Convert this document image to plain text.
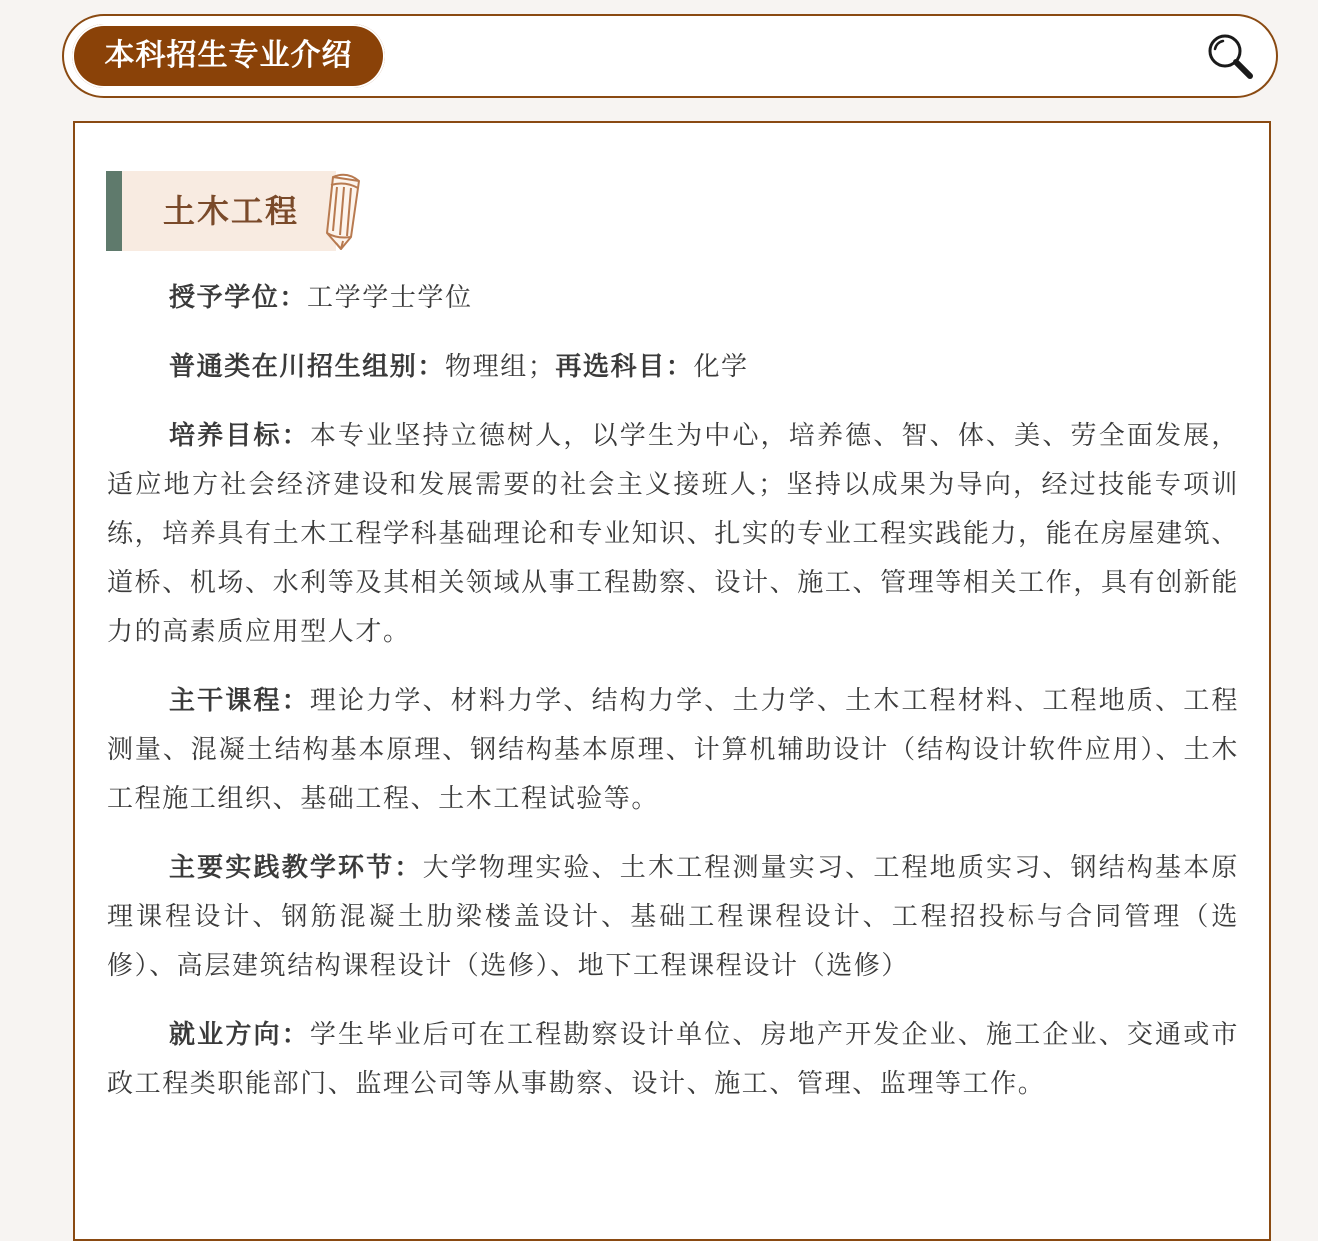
本科招生专业介绍
土木工程

授予学位：工学学士学位

普通类在川招生组别：物理组；再选科目：化学

培养目标：本专业坚持立德树人，以学生为中心，培养德、智、体、美、劳全面发展，适应地方社会经济建设和发展需要的社会主义接班人；坚持以成果为导向，经过技能专项训练，培养具有土木工程学科基础理论和专业知识、扎实的专业工程实践能力，能在房屋建筑、道桥、机场、水利等及其相关领域从事工程勘察、设计、施工、管理等相关工作，具有创新能力的高素质应用型人才。

主干课程：理论力学、材料力学、结构力学、土力学、土木工程材料、工程地质、工程测量、混凝土结构基本原理、钢结构基本原理、计算机辅助设计（结构设计软件应用）、土木工程施工组织、基础工程、土木工程试验等。

主要实践教学环节：大学物理实验、土木工程测量实习、工程地质实习、钢结构基本原理课程设计、钢筋混凝土肋梁楼盖设计、基础工程课程设计、工程招投标与合同管理（选修）、高层建筑结构课程设计（选修）、地下工程课程设计（选修）

就业方向：学生毕业后可在工程勘察设计单位、房地产开发企业、施工企业、交通或市政工程类职能部门、监理公司等从事勘察、设计、施工、管理、监理等工作。
